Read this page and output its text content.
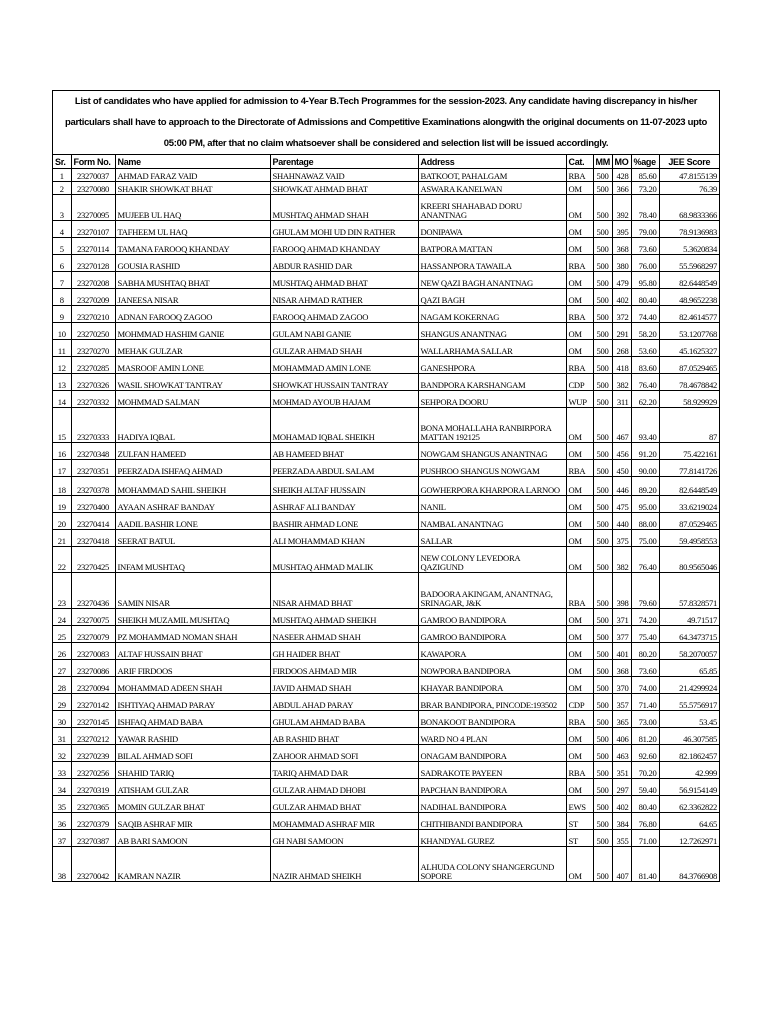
List of candidates who have applied for admission to 4-Year B.Tech Programmes for the session-2023. Any candidate having discrepancy in his/her
particulars shall have to approach to the Directorate of Admissions and Competitive Examinations alongwith the original documents on 11-07-2023 upto
05:00 PM, after that no claim whatsoever shall be considered and selection list will be issued accordingly.
Sr.	Form No.	Name	Parentage	Address	Cat.	MM	MO	%age	JEE Score
1	23270037	AHMAD FARAZ VAID	SHAHNAWAZ VAID	BATKOOT, PAHALGAM	RBA	500	428	85.60	47.8155139
2	23270080	SHAKIR SHOWKAT BHAT	SHOWKAT AHMAD BHAT	ASWARA KANELWAN	OM	500	366	73.20	76.39
3	23270095	MUJEEB UL HAQ	MUSHTAQ AHMAD SHAH	KREERI SHAHABAD DORU ANANTNAG	OM	500	392	78.40	68.9833366
4	23270107	TAFHEEM UL HAQ	GHULAM MOHI UD DIN RATHER	DONIPAWA	OM	500	395	79.00	78.9136983
5	23270114	TAMANA FAROOQ KHANDAY	FAROOQ AHMAD KHANDAY	BATPORA MATTAN	OM	500	368	73.60	5.3620834
6	23270128	GOUSIA RASHID	ABDUR RASHID DAR	HASSANPORA TAWAILA	RBA	500	380	76.00	55.5968297
7	23270208	SABHA MUSHTAQ BHAT	MUSHTAQ AHMAD BHAT	NEW QAZI BAGH ANANTNAG	OM	500	479	95.80	82.6448549
8	23270209	JANEESA NISAR	NISAR AHMAD RATHER	QAZI BAGH	OM	500	402	80.40	48.9652238
9	23270210	ADNAN FAROOQ ZAGOO	FAROOQ AHMAD ZAGOO	NAGAM KOKERNAG	RBA	500	372	74.40	82.4614577
10	23270250	MOHMMAD HASHIM GANIE	GULAM NABI GANIE	SHANGUS ANANTNAG	OM	500	291	58.20	53.1207768
11	23270270	MEHAK GULZAR	GULZAR AHMAD SHAH	WALLARHAMA SALLAR	OM	500	268	53.60	45.1625327
12	23270285	MASROOF AMIN LONE	MOHAMMAD AMIN LONE	GANESHPORA	RBA	500	418	83.60	87.0529465
13	23270326	WASIL SHOWKAT TANTRAY	SHOWKAT HUSSAIN TANTRAY	BANDPORA KARSHANGAM	CDP	500	382	76.40	78.4678842
14	23270332	MOHMMAD SALMAN	MOHMAD AYOUB HAJAM	SEHPORA DOORU	WUP	500	311	62.20	58.929929
15	23270333	HADIYA IQBAL	MOHAMAD IQBAL SHEIKH	BONA MOHALLAHA RANBIRPORA MATTAN 192125	OM	500	467	93.40	87
16	23270348	ZULFAN HAMEED	AB HAMEED BHAT	NOWGAM SHANGUS ANANTNAG	OM	500	456	91.20	75.422161
17	23270351	PEERZADA ISHFAQ AHMAD	PEERZADA ABDUL SALAM	PUSHROO SHANGUS NOWGAM	RBA	500	450	90.00	77.8141726
18	23270378	MOHAMMAD SAHIL SHEIKH	SHEIKH ALTAF HUSSAIN	GOWHERPORA KHARPORA LARNOO	OM	500	446	89.20	82.6448549
19	23270400	AYAAN ASHRAF BANDAY	ASHRAF ALI BANDAY	NANIL	OM	500	475	95.00	33.6219024
20	23270414	AADIL BASHIR LONE	BASHIR AHMAD LONE	NAMBAL ANANTNAG	OM	500	440	88.00	87.0529465
21	23270418	SEERAT BATUL	ALI MOHAMMAD KHAN	SALLAR	OM	500	375	75.00	59.4958553
22	23270425	INFAM MUSHTAQ	MUSHTAQ AHMAD MALIK	NEW COLONY LEVEDORA QAZIGUND	OM	500	382	76.40	80.9565046
23	23270436	SAMIN NISAR	NISAR AHMAD BHAT	BADOORA AKINGAM, ANANTNAG, SRINAGAR, J&K	RBA	500	398	79.60	57.8328571
24	23270075	SHEIKH MUZAMIL MUSHTAQ	MUSHTAQ AHMAD SHEIKH	GAMROO BANDIPORA	OM	500	371	74.20	49.71517
25	23270079	PZ MOHAMMAD NOMAN SHAH	NASEER AHMAD SHAH	GAMROO BANDIPORA	OM	500	377	75.40	64.3473715
26	23270083	ALTAF HUSSAIN BHAT	GH HAIDER BHAT	KAWAPORA	OM	500	401	80.20	58.2070057
27	23270086	ARIF FIRDOOS	FIRDOOS AHMAD MIR	NOWPORA BANDIPORA	OM	500	368	73.60	65.85
28	23270094	MOHAMMAD ADEEN SHAH	JAVID AHMAD SHAH	KHAYAR BANDIPORA	OM	500	370	74.00	21.4299924
29	23270142	ISHTIYAQ AHMAD PARAY	ABDUL AHAD PARAY	BRAR BANDIPORA, PINCODE:193502	CDP	500	357	71.40	55.5756917
30	23270145	ISHFAQ AHMAD BABA	GHULAM AHMAD BABA	BONAKOOT BANDIPORA	RBA	500	365	73.00	53.45
31	23270212	YAWAR RASHID	AB RASHID BHAT	WARD NO 4 PLAN	OM	500	406	81.20	46.307585
32	23270239	BILAL AHMAD SOFI	ZAHOOR AHMAD SOFI	ONAGAM BANDIPORA	OM	500	463	92.60	82.1862457
33	23270256	SHAHID TARIQ	TARIQ AHMAD DAR	SADRAKOTE PAYEEN	RBA	500	351	70.20	42.999
34	23270319	ATISHAM GULZAR	GULZAR AHMAD DHOBI	PAPCHAN BANDIPORA	OM	500	297	59.40	56.9154149
35	23270365	MOMIN GULZAR BHAT	GULZAR AHMAD BHAT	NADIHAL BANDIPORA	EWS	500	402	80.40	62.3362822
36	23270379	SAQIB ASHRAF MIR	MOHAMMAD ASHRAF MIR	CHITHIBANDI BANDIPORA	ST	500	384	76.80	64.65
37	23270387	AB BARI SAMOON	GH NABI SAMOON	KHANDYAL GUREZ	ST	500	355	71.00	12.7262971
38	23270042	KAMRAN NAZIR	NAZIR AHMAD SHEIKH	ALHUDA COLONY SHANGERGUND SOPORE	OM	500	407	81.40	84.3766908
